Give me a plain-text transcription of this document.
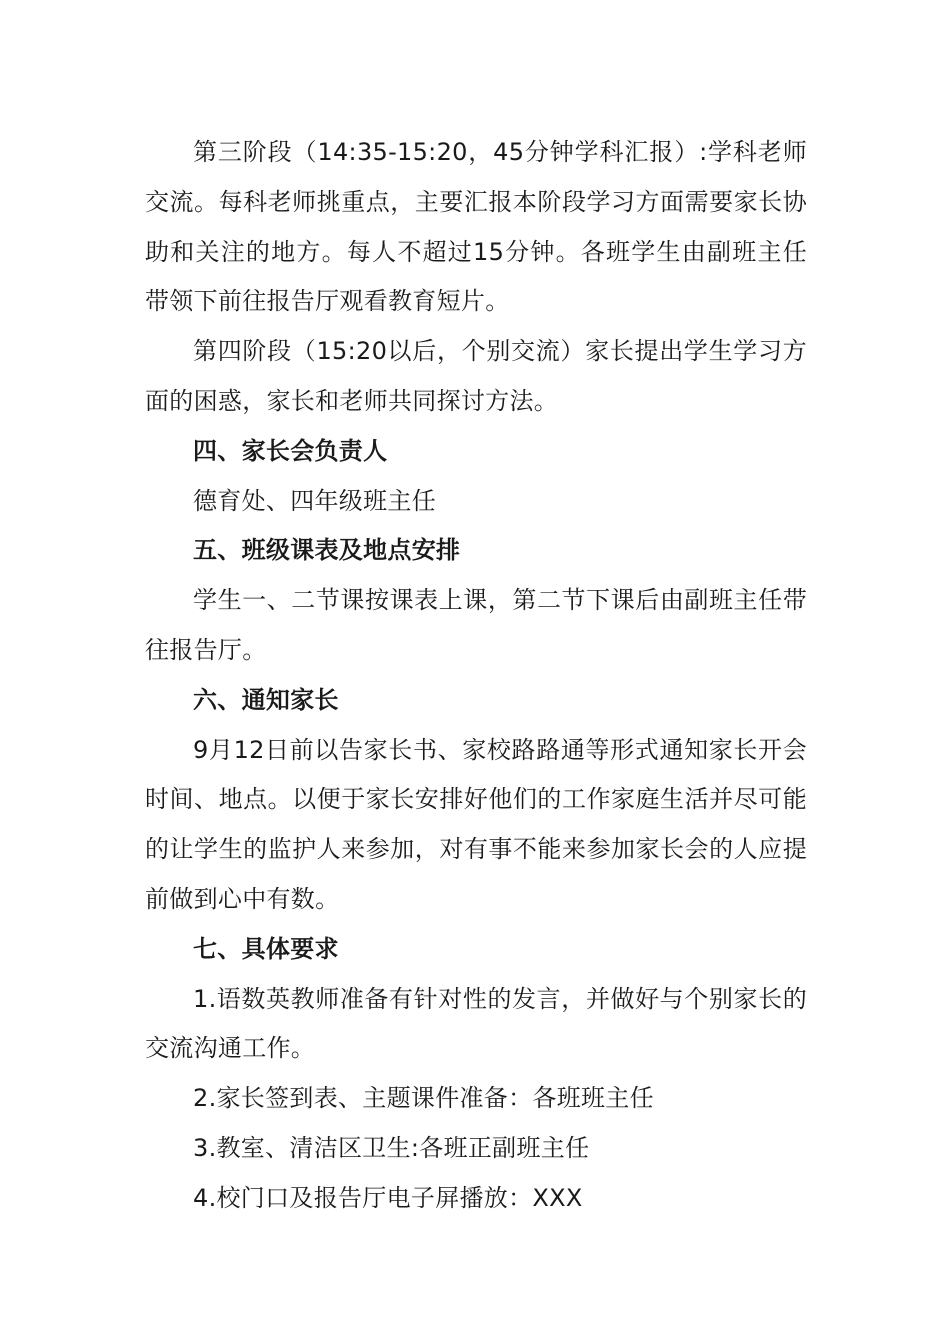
第三阶段（14:35-15:20，45分钟学科汇报）:学科老师交流。每科老师挑重点，主要汇报本阶段学习方面需要家长协助和关注的地方。每人不超过15分钟。各班学生由副班主任带领下前往报告厅观看教育短片。

第四阶段（15:20以后，个别交流）家长提出学生学习方面的困惑，家长和老师共同探讨方法。

四、家长会负责人

德育处、四年级班主任

五、班级课表及地点安排

学生一、二节课按课表上课，第二节下课后由副班主任带往报告厅。

六、通知家长

9月12日前以告家长书、家校路路通等形式通知家长开会时间、地点。以便于家长安排好他们的工作家庭生活并尽可能的让学生的监护人来参加，对有事不能来参加家长会的人应提前做到心中有数。

七、具体要求

1.语数英教师准备有针对性的发言，并做好与个别家长的交流沟通工作。

2.家长签到表、主题课件准备：各班班主任

3.教室、清洁区卫生:各班正副班主任

4.校门口及报告厅电子屏播放：XXX
